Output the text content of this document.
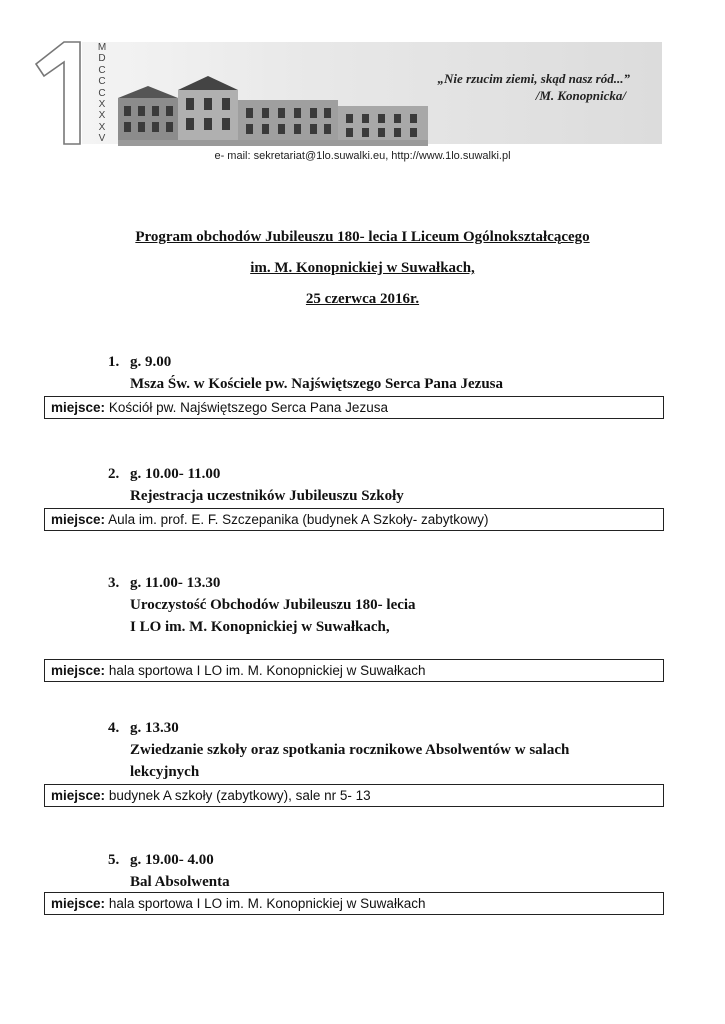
M
D
C
C
C
X
X
X
V
„Nie rzucim ziemi, skąd nasz ród...”
/M. Konopnicka/
e- mail: sekretariat@1lo.suwalki.eu, http://www.1lo.suwalki.pl
Program obchodów Jubileuszu 180- lecia I Liceum Ogólnokształcącego
im. M. Konopnickiej w Suwałkach,
25 czerwca 2016r.
1. g. 9.00
Msza Św. w Kościele pw. Najświętszego Serca Pana Jezusa
miejsce: Kościół pw. Najświętszego Serca Pana Jezusa
2. g. 10.00- 11.00
Rejestracja uczestników Jubileuszu Szkoły
miejsce: Aula im. prof. E. F. Szczepanika (budynek A Szkoły- zabytkowy)
3. g. 11.00- 13.30
Uroczystość Obchodów Jubileuszu 180- lecia
I LO im. M. Konopnickiej w Suwałkach,
miejsce: hala sportowa I LO im. M. Konopnickiej w Suwałkach
4. g. 13.30
Zwiedzanie szkoły oraz spotkania rocznikowe Absolwentów w salach
lekcyjnych
miejsce: budynek A szkoły (zabytkowy), sale nr 5- 13
5. g. 19.00- 4.00
Bal Absolwenta
miejsce: hala sportowa I LO im. M. Konopnickiej w Suwałkach
